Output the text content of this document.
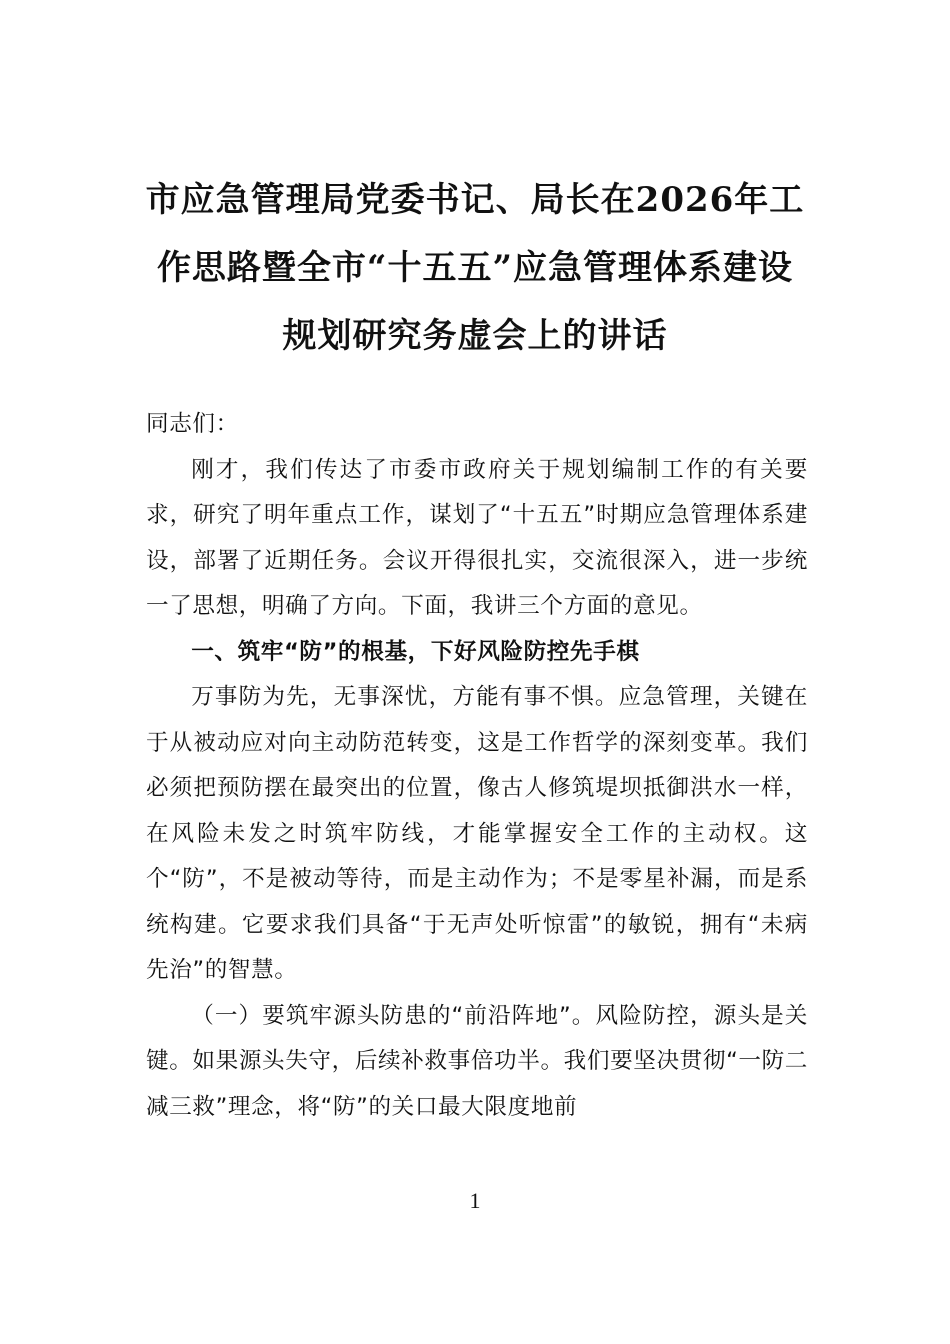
市应急管理局党委书记、局长在2026年工作思路暨全市“十五五”应急管理体系建设规划研究务虚会上的讲话

同志们：

刚才，我们传达了市委市政府关于规划编制工作的有关要求，研究了明年重点工作，谋划了“十五五”时期应急管理体系建设，部署了近期任务。会议开得很扎实，交流很深入，进一步统一了思想，明确了方向。下面，我讲三个方面的意见。

一、筑牢“防”的根基，下好风险防控先手棋

万事防为先，无事深忧，方能有事不惧。应急管理，关键在于从被动应对向主动防范转变，这是工作哲学的深刻变革。我们必须把预防摆在最突出的位置，像古人修筑堤坝抵御洪水一样，在风险未发之时筑牢防线，才能掌握安全工作的主动权。这个“防”，不是被动等待，而是主动作为；不是零星补漏，而是系统构建。它要求我们具备“于无声处听惊雷”的敏锐，拥有“未病先治”的智慧。

（一）要筑牢源头防患的“前沿阵地”。风险防控，源头是关键。如果源头失守，后续补救事倍功半。我们要坚决贯彻“一防二减三救”理念，将“防”的关口最大限度地前

1
